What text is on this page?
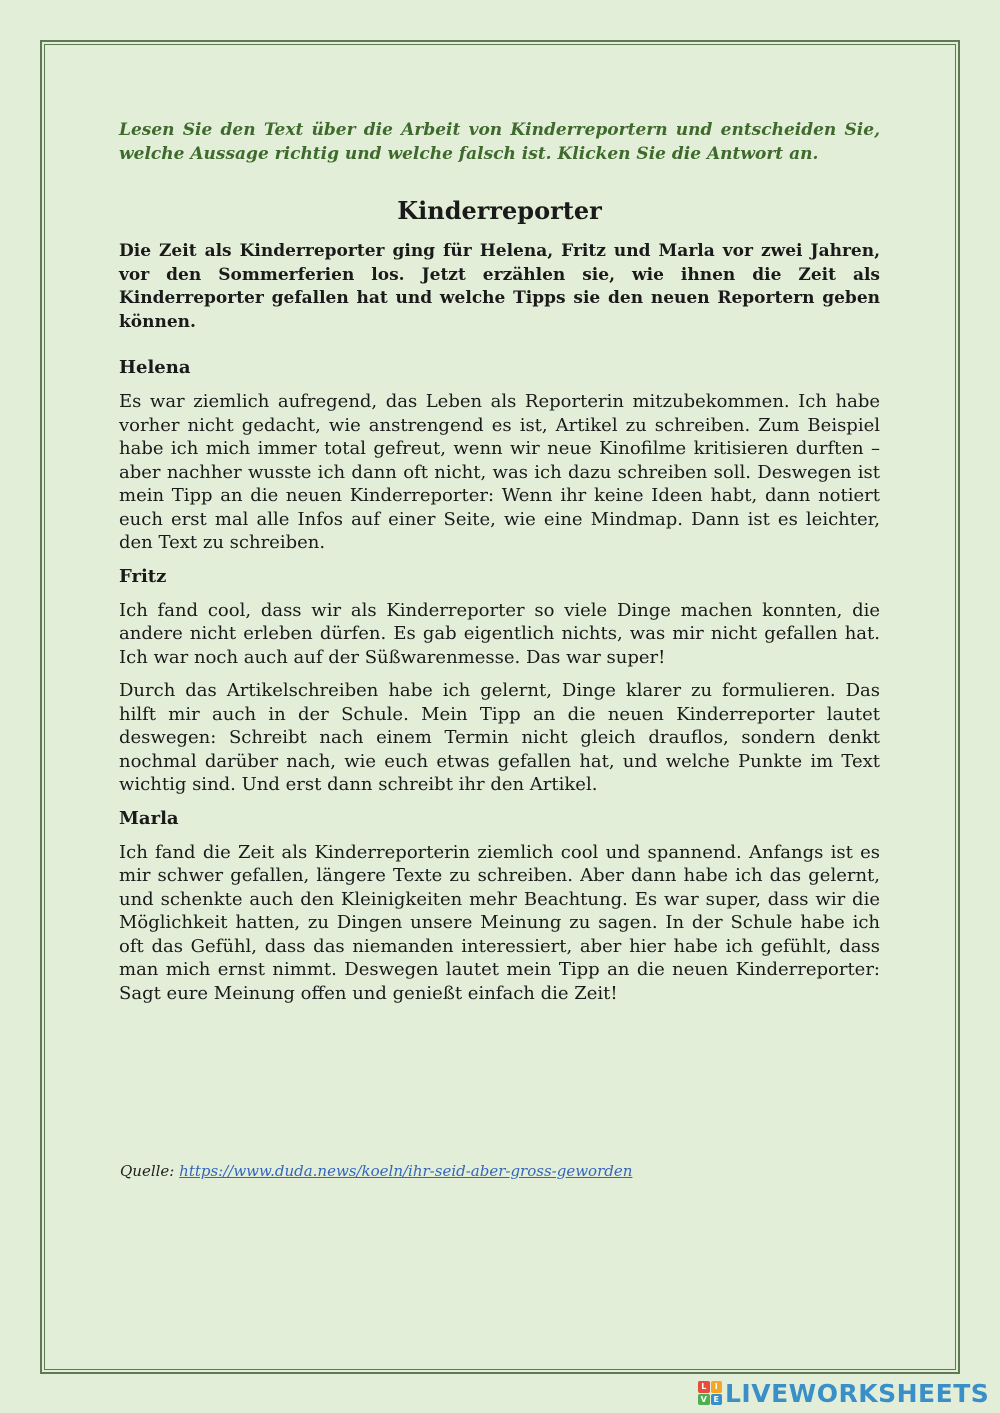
Lesen Sie den Text über die Arbeit von Kinderreportern und entscheiden Sie, welche Aussage richtig und welche falsch ist. Klicken Sie die Antwort an.

Kinderreporter

Die Zeit als Kinderreporter ging für Helena, Fritz und Marla vor zwei Jahren, vor den Sommerferien los. Jetzt erzählen sie, wie ihnen die Zeit als Kinderreporter gefallen hat und welche Tipps sie den neuen Reportern geben können.

Helena

Es war ziemlich aufregend, das Leben als Reporterin mitzubekommen. Ich habe vorher nicht gedacht, wie anstrengend es ist, Artikel zu schreiben. Zum Beispiel habe ich mich immer total gefreut, wenn wir neue Kinofilme kritisieren durften – aber nachher wusste ich dann oft nicht, was ich dazu schreiben soll. Deswegen ist mein Tipp an die neuen Kinderreporter: Wenn ihr keine Ideen habt, dann notiert euch erst mal alle Infos auf einer Seite, wie eine Mindmap. Dann ist es leichter, den Text zu schreiben.

Fritz

Ich fand cool, dass wir als Kinderreporter so viele Dinge machen konnten, die andere nicht erleben dürfen. Es gab eigentlich nichts, was mir nicht gefallen hat. Ich war noch auch auf der Süßwarenmesse. Das war super!

Durch das Artikelschreiben habe ich gelernt, Dinge klarer zu formulieren. Das hilft mir auch in der Schule. Mein Tipp an die neuen Kinderreporter lautet deswegen: Schreibt nach einem Termin nicht gleich drauflos, sondern denkt nochmal darüber nach, wie euch etwas gefallen hat, und welche Punkte im Text wichtig sind. Und erst dann schreibt ihr den Artikel.

Marla

Ich fand die Zeit als Kinderreporterin ziemlich cool und spannend. Anfangs ist es mir schwer gefallen, längere Texte zu schreiben. Aber dann habe ich das gelernt, und schenkte auch den Kleinigkeiten mehr Beachtung. Es war super, dass wir die Möglichkeit hatten, zu Dingen unsere Meinung zu sagen. In der Schule habe ich oft das Gefühl, dass das niemanden interessiert, aber hier habe ich gefühlt, dass man mich ernst nimmt. Deswegen lautet mein Tipp an die neuen Kinderreporter: Sagt eure Meinung offen und genießt einfach die Zeit!

Quelle: https://www.duda.news/koeln/ihr-seid-aber-gross-geworden
L	I
V E LIVEWORKSHEETS
